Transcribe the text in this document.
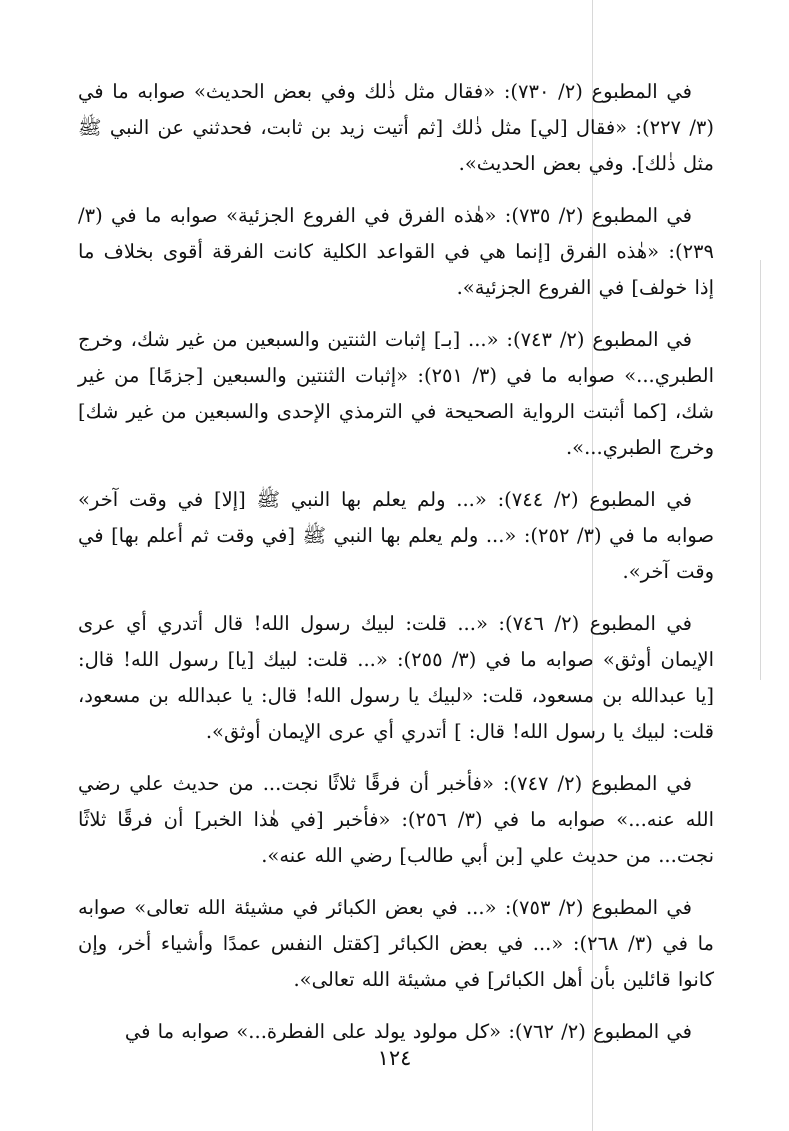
في المطبوع (٢/ ٧٣٠): «فقال مثل ذٰلك وفي بعض الحديث» صوابه ما في (٣/ ٢٢٧): «فقال [لي] مثل ذٰلك [ثم أتيت زيد بن ثابت، فحدثني عن النبي ﷺ مثل ذٰلك]. وفي بعض الحديث».

في المطبوع (٢/ ٧٣٥): «هٰذه الفرق في الفروع الجزئية» صوابه ما في (٣/ ٢٣٩): «هٰذه الفرق [إنما هي في القواعد الكلية كانت الفرقة أقوى بخلاف ما إذا خولف] في الفروع الجزئية».

في المطبوع (٢/ ٧٤٣): «... [بـ] إثبات الثنتين والسبعين من غير شك، وخرج الطبري...» صوابه ما في (٣/ ٢٥١): «إثبات الثنتين والسبعين [جزمًا] من غير شك، [كما أثبتت الرواية الصحيحة في الترمذي الإحدى والسبعين من غير شك] وخرج الطبري...».

في المطبوع (٢/ ٧٤٤): «... ولم يعلم بها النبي ﷺ [إلا] في وقت آخر» صوابه ما في (٣/ ٢٥٢): «... ولم يعلم بها النبي ﷺ [في وقت ثم أعلم بها] في وقت آخر».

في المطبوع (٢/ ٧٤٦): «... قلت: لبيك رسول الله! قال أتدري أي عرى الإيمان أوثق» صوابه ما في (٣/ ٢٥٥): «... قلت: لبيك [يا] رسول الله! قال: [يا عبدالله بن مسعود، قلت: «لبيك يا رسول الله! قال: يا عبدالله بن مسعود، قلت: لبيك يا رسول الله! قال: ] أتدري أي عرى الإيمان أوثق».

في المطبوع (٢/ ٧٤٧): «فأخبر أن فرقًا ثلاثًا نجت... من حديث علي رضي الله عنه...» صوابه ما في (٣/ ٢٥٦): «فأخبر [في هٰذا الخبر] أن فرقًا ثلاثًا نجت... من حديث علي [بن أبي طالب] رضي الله عنه».

في المطبوع (٢/ ٧٥٣): «... في بعض الكبائر في مشيئة الله تعالى» صوابه ما في (٣/ ٢٦٨): «... في بعض الكبائر [كقتل النفس عمدًا وأشياء أخر، وإن كانوا قائلين بأن أهل الكبائر] في مشيئة الله تعالى».

في المطبوع (٢/ ٧٦٢): «كل مولود يولد على الفطرة...» صوابه ما في

١٢٤
